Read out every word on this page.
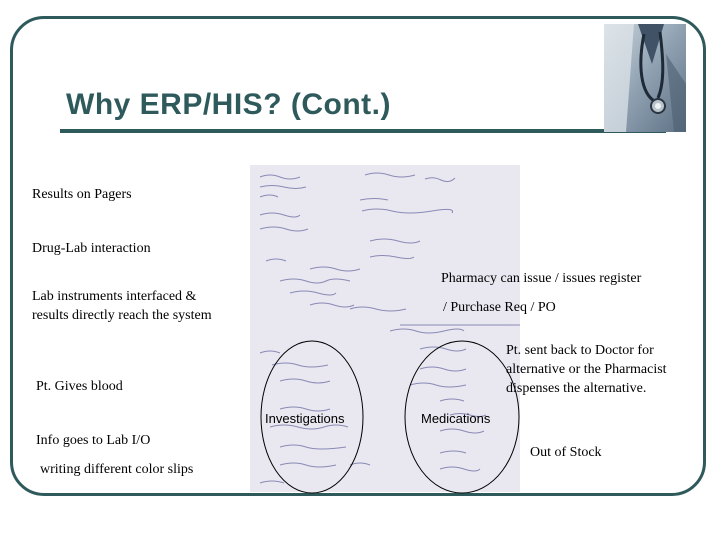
Why ERP/HIS? (Cont.)

Results on Pagers

Drug-Lab interaction

Lab instruments interfaced & results directly reach the system

Pt. Gives blood

Info goes to Lab I/O

writing different color slips

Pharmacy can issue / issues register

/ Purchase Req / PO

Pt. sent back to Doctor for alternative or the Pharmacist dispenses the alternative.

Out of Stock

Investigations	Medications
